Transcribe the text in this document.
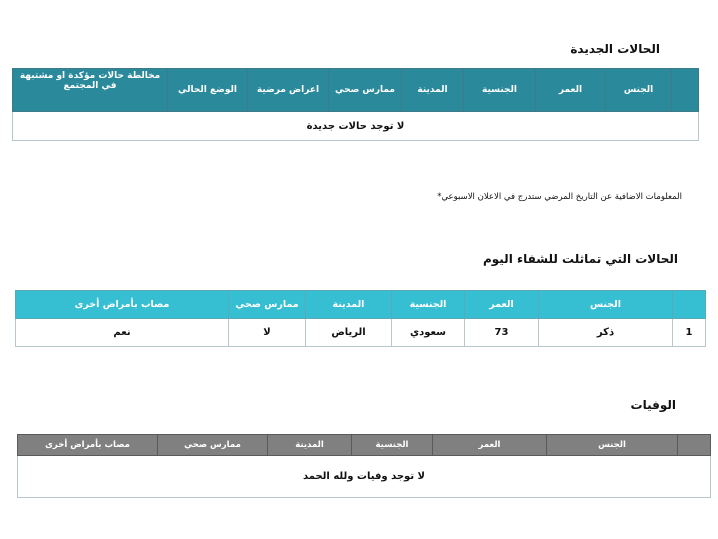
الحالات الجديدة
	الجنس	العمر	الجنسية	المدينة	ممارس صحي	اعراض مرضية	الوضع الحالي	مخالطة حالات مؤكدة او مشتبهة في المجتمع
لا توجد حالات جديدة
المعلومات الاضافية عن التاريخ المرضي ستدرج في الاعلان الاسبوعي*
الحالات التي تماثلت للشفاء اليوم
	الجنس	العمر	الجنسية	المدينة	ممارس صحي	مصاب بأمراض أخرى
1	ذكر	73	سعودي	الرياض	لا	نعم
الوفيات
	الجنس	العمر	الجنسية	المدينة	ممارس صحي	مصاب بأمراض أخرى
لا توجد وفيات ولله الحمد
